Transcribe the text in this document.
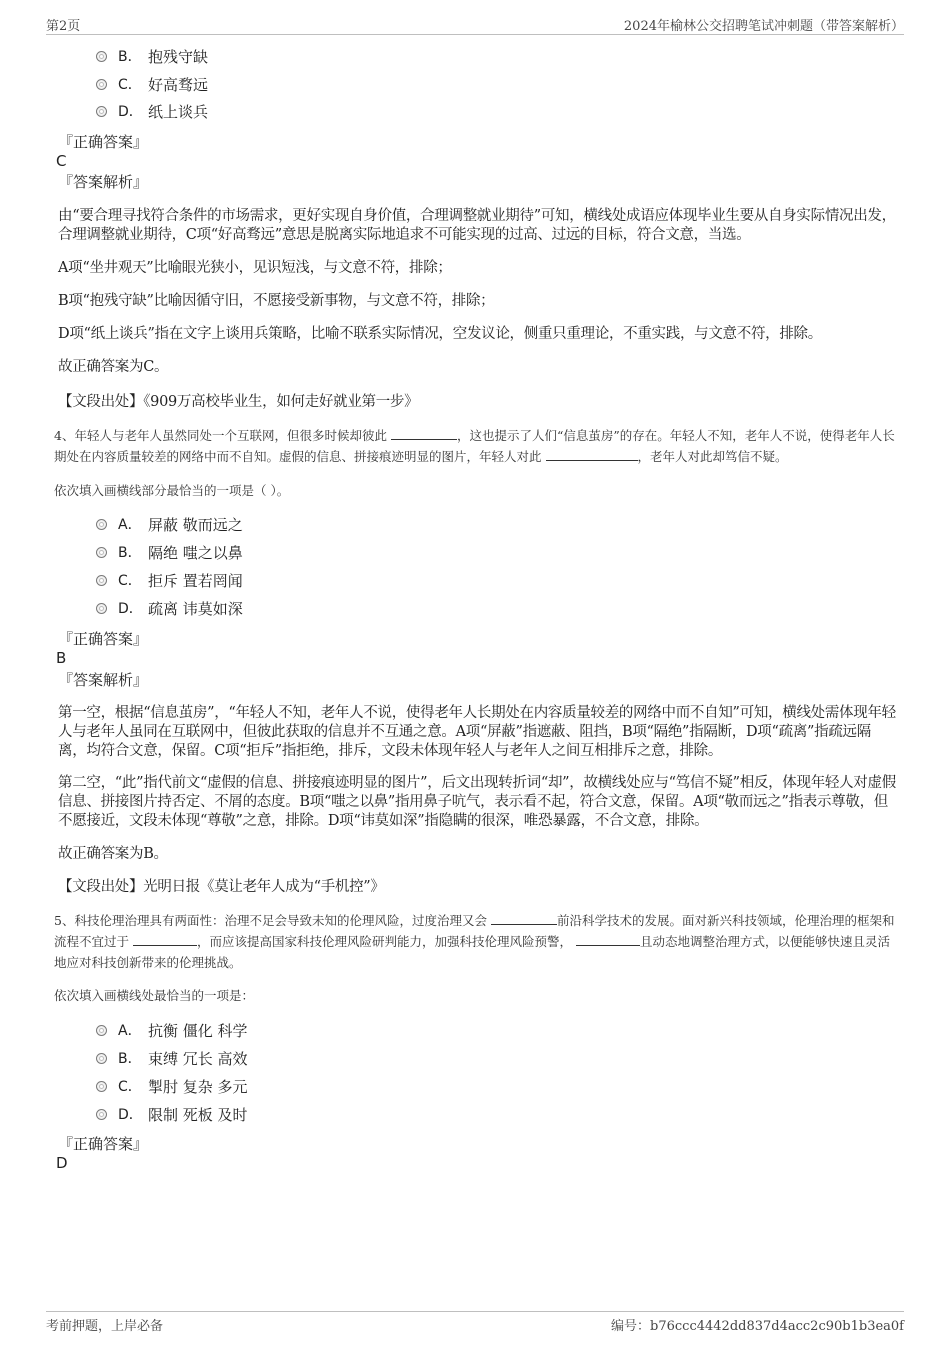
第2页	2024年榆林公交招聘笔试冲刺题（带答案解析）
B． 抱残守缺
C． 好高骛远
D． 纸上谈兵
『正确答案』
C
『答案解析』
由“要合理寻找符合条件的市场需求，更好实现自身价值，合理调整就业期待”可知，横线处成语应体现毕业生要从自身实际情况出发，合理调整就业期待，C项“好高骛远”意思是脱离实际地追求不可能实现的过高、过远的目标，符合文意，当选。
A项“坐井观天”比喻眼光狭小，见识短浅，与文意不符，排除；
B项“抱残守缺”比喻因循守旧，不愿接受新事物，与文意不符，排除；
D项“纸上谈兵”指在文字上谈用兵策略，比喻不联系实际情况，空发议论，侧重只重理论，不重实践，与文意不符，排除。
故正确答案为C。
【文段出处】《909万高校毕业生，如何走好就业第一步》
4、年轻人与老年人虽然同处一个互联网，但很多时候却彼此	，这也提示了人们“信息茧房”的存在。年轻人不知，老年人不说，使得老年人长期处在内容质量较差的网络中而不自知。虚假的信息、拼接痕迹明显的图片，年轻人对此	，老年人对此却笃信不疑。
依次填入画横线部分最恰当的一项是（ ）。
A． 屏蔽 敬而远之
B． 隔绝 嗤之以鼻
C． 拒斥 置若罔闻
D． 疏离 讳莫如深
『正确答案』
B
『答案解析』
第一空，根据“信息茧房”，“年轻人不知，老年人不说，使得老年人长期处在内容质量较差的网络中而不自知”可知，横线处需体现年轻人与老年人虽同在互联网中，但彼此获取的信息并不互通之意。A项“屏蔽”指遮蔽、阻挡，B项“隔绝”指隔断，D项“疏离”指疏远隔离，均符合文意，保留。C项“拒斥”指拒绝，排斥，文段未体现年轻人与老年人之间互相排斥之意，排除。
第二空，“此”指代前文“虚假的信息、拼接痕迹明显的图片”，后文出现转折词“却”，故横线处应与“笃信不疑”相反，体现年轻人对虚假信息、拼接图片持否定、不屑的态度。B项“嗤之以鼻”指用鼻子吭气，表示看不起，符合文意，保留。A项“敬而远之”指表示尊敬，但不愿接近，文段未体现“尊敬”之意，排除。D项“讳莫如深”指隐瞒的很深，唯恐暴露，不合文意，排除。
故正确答案为B。
【文段出处】光明日报《莫让老年人成为“手机控”》
5、科技伦理治理具有两面性：治理不足会导致未知的伦理风险，过度治理又会	前沿科学技术的发展。面对新兴科技领域，伦理治理的框架和流程不宜过于	，而应该提高国家科技伦理风险研判能力，加强科技伦理风险预警，	且动态地调整治理方式，以便能够快速且灵活地应对科技创新带来的伦理挑战。
依次填入画横线处最恰当的一项是：
A． 抗衡 僵化 科学
B． 束缚 冗长 高效
C． 掣肘 复杂 多元
D． 限制 死板 及时
『正确答案』
D
考前押题，上岸必备	编号：b76ccc4442dd837d4acc2c90b1b3ea0f
